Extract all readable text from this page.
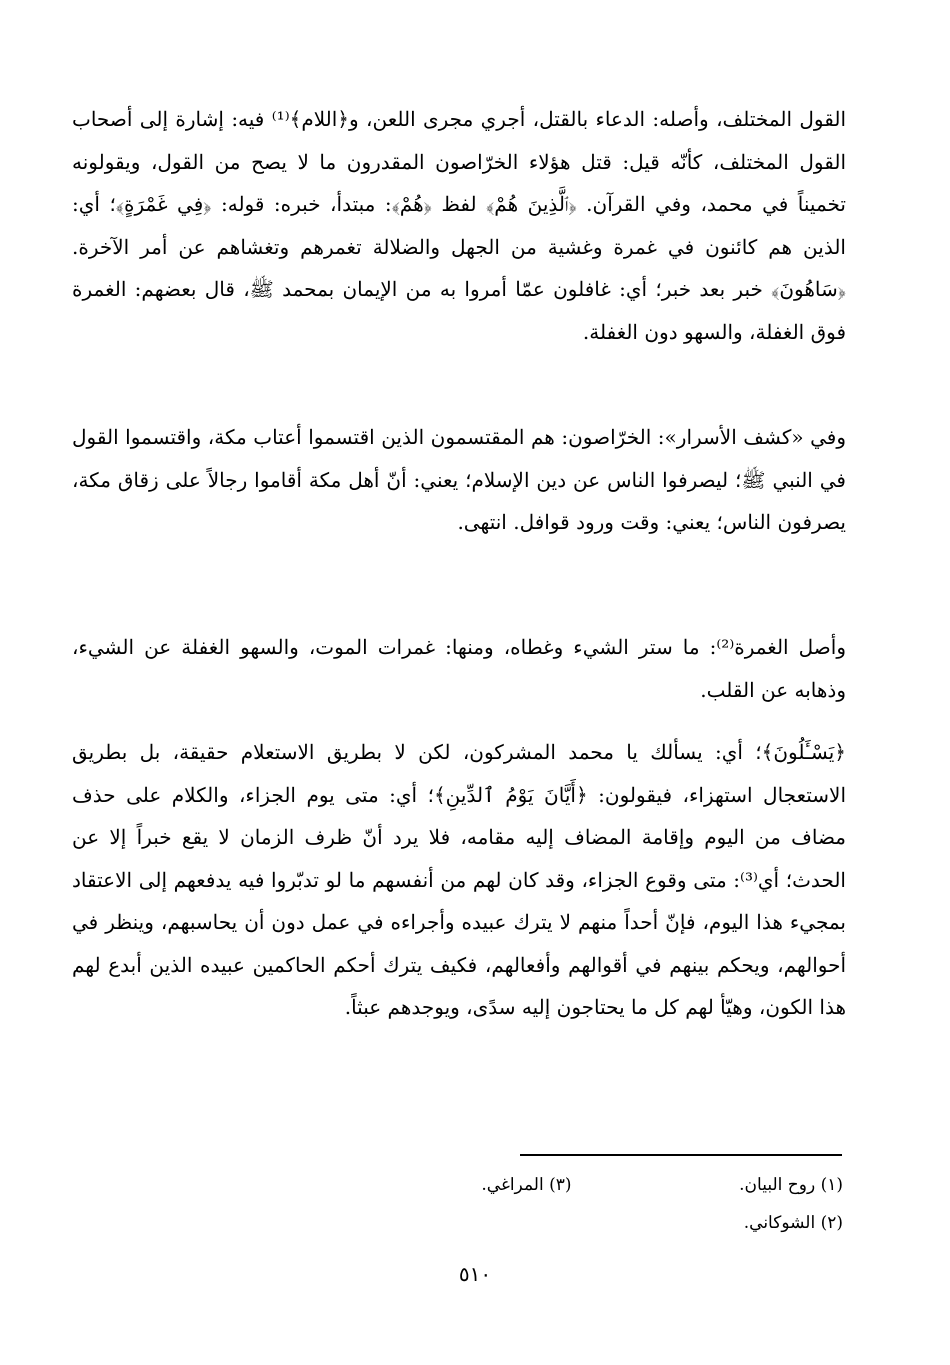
القول المختلف، وأصله: الدعاء بالقتل، أجري مجرى اللعن، و﴿اللام﴾⁽¹⁾ فيه: إشارة إلى أصحاب القول المختلف، كأنّه قيل: قتل هؤلاء الخرّاصون المقدرون ما لا يصح من القول، ويقولونه تخميناً في محمد، وفي القرآن. ﴿ٱلَّذِينَ هُمْ﴾ لفظ ﴿هُمْ﴾: مبتدأ، خبره: قوله: ﴿فِي غَمْرَةٍ﴾؛ أي: الذين هم كائنون في غمرة وغشية من الجهل والضلالة تغمرهم وتغشاهم عن أمر الآخرة. ﴿سَاهُونَ﴾ خبر بعد خبر؛ أي: غافلون عمّا أمروا به من الإيمان بمحمد ﷺ، قال بعضهم: الغمرة فوق الغفلة، والسهو دون الغفلة.

وفي «كشف الأسرار»: الخرّاصون: هم المقتسمون الذين اقتسموا أعتاب مكة، واقتسموا القول في النبي ﷺ؛ ليصرفوا الناس عن دين الإسلام؛ يعني: أنّ أهل مكة أقاموا رجالاً على زقاق مكة، يصرفون الناس؛ يعني: وقت ورود قوافل. انتهى.

وأصل الغمرة⁽²⁾: ما ستر الشيء وغطاه، ومنها: غمرات الموت، والسهو الغفلة عن الشيء، وذهابه عن القلب.

﴿يَسْـَٔلُونَ﴾؛ أي: يسألك يا محمد المشركون، لكن لا بطريق الاستعلام حقيقة، بل بطريق الاستعجال استهزاء، فيقولون: ﴿أَيَّانَ يَوْمُ ٱلدِّينِ﴾؛ أي: متى يوم الجزاء، والكلام على حذف مضاف من اليوم وإقامة المضاف إليه مقامه، فلا يرد أنّ ظرف الزمان لا يقع خبراً إلا عن الحدث؛ أي⁽³⁾: متى وقوع الجزاء، وقد كان لهم من أنفسهم ما لو تدبّروا فيه يدفعهم إلى الاعتقاد بمجيء هذا اليوم، فإنّ أحداً منهم لا يترك عبيده وأجراءه في عمل دون أن يحاسبهم، وينظر في أحوالهم، ويحكم بينهم في أقوالهم وأفعالهم، فكيف يترك أحكم الحاكمين عبيده الذين أبدع لهم هذا الكون، وهيّأ لهم كل ما يحتاجون إليه سدًى، ويوجدهم عبثاً.

(١) روح البيان.
(٣) المراغي.
(٢) الشوكاني.
٥١٠
